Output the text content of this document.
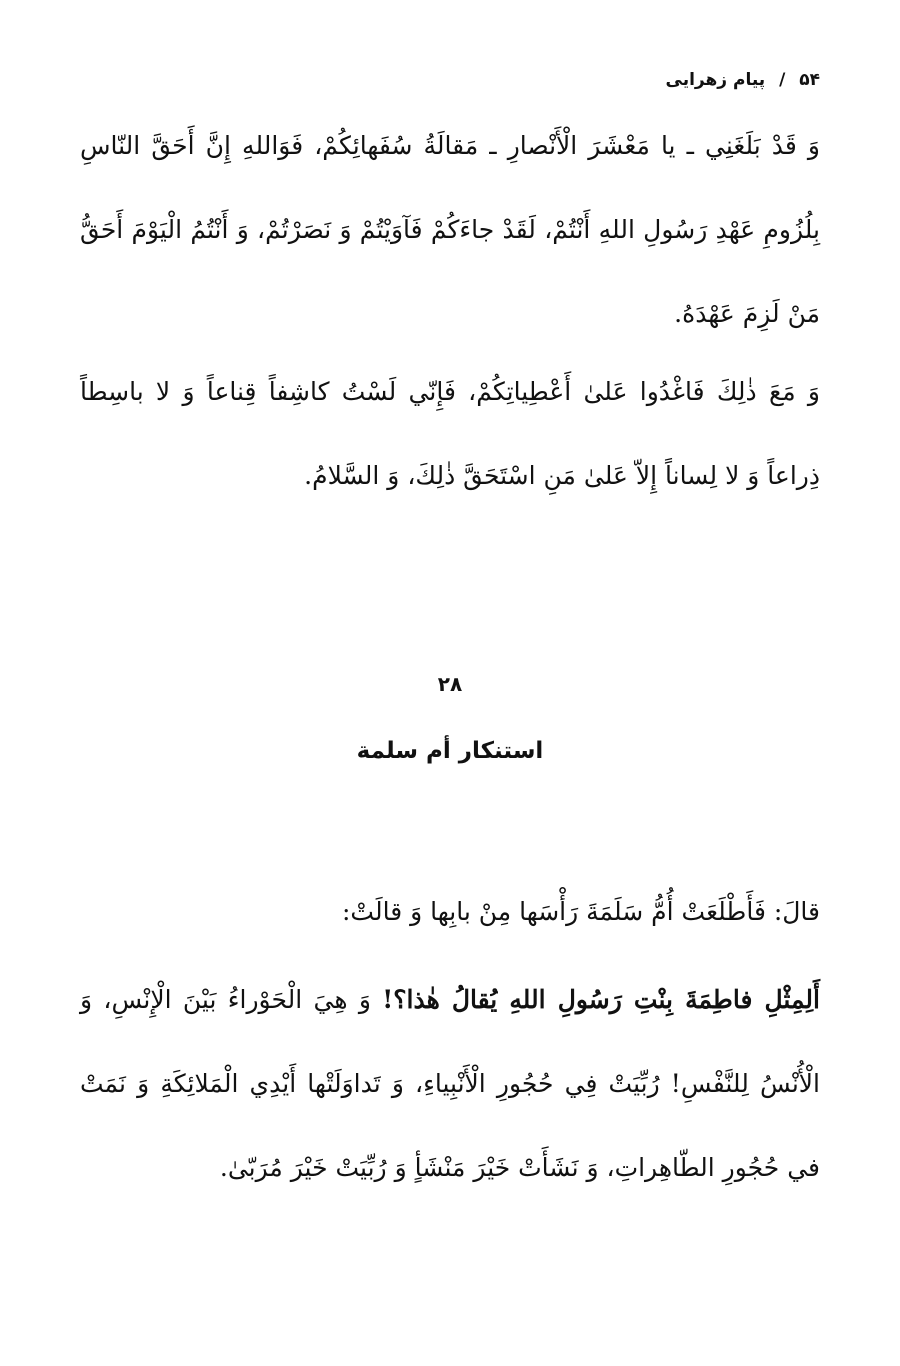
۵۴ / پیام زهرایی

وَ قَدْ بَلَغَنِي ـ يا مَعْشَرَ الْأَنْصارِ ـ مَقالَةُ سُفَهائِكُمْ، فَوَاللهِ إِنَّ أَحَقَّ النّاسِ بِلُزُومِ عَهْدِ رَسُولِ اللهِ أَنْتُمْ، لَقَدْ جاءَكُمْ فَآوَيْتُمْ وَ نَصَرْتُمْ، وَ أَنْتُمُ الْيَوْمَ أَحَقُّ مَنْ لَزِمَ عَهْدَهُ.

وَ مَعَ ذٰلِكَ فَاغْدُوا عَلىٰ أَعْطِياتِكُمْ، فَإِنّي لَسْتُ كاشِفاً قِناعاً وَ لا باسِطاً ذِراعاً وَ لا لِساناً إِلاّ عَلىٰ مَنِ اسْتَحَقَّ ذٰلِكَ، وَ السَّلامُ.

۲۸
استنكار أم سلمة

قالَ: فَأَطْلَعَتْ أُمُّ سَلَمَةَ رَأْسَها مِنْ بابِها وَ قالَتْ:

أَلِمِثْلِ فاطِمَةَ بِنْتِ رَسُولِ اللهِ يُقالُ هٰذا؟! وَ هِيَ الْحَوْراءُ بَيْنَ الْإِنْسِ، وَ الْأُنْسُ لِلنَّفْسِ! رُبِّيَتْ فِي حُجُورِ الْأَنْبِياءِ، وَ تَداوَلَتْها أَيْدِي الْمَلائِكَةِ وَ نَمَتْ في حُجُورِ الطّاهِراتِ، وَ نَشَأَتْ خَيْرَ مَنْشَأٍ وَ رُبِّيَتْ خَيْرَ مُرَبّىٰ.
